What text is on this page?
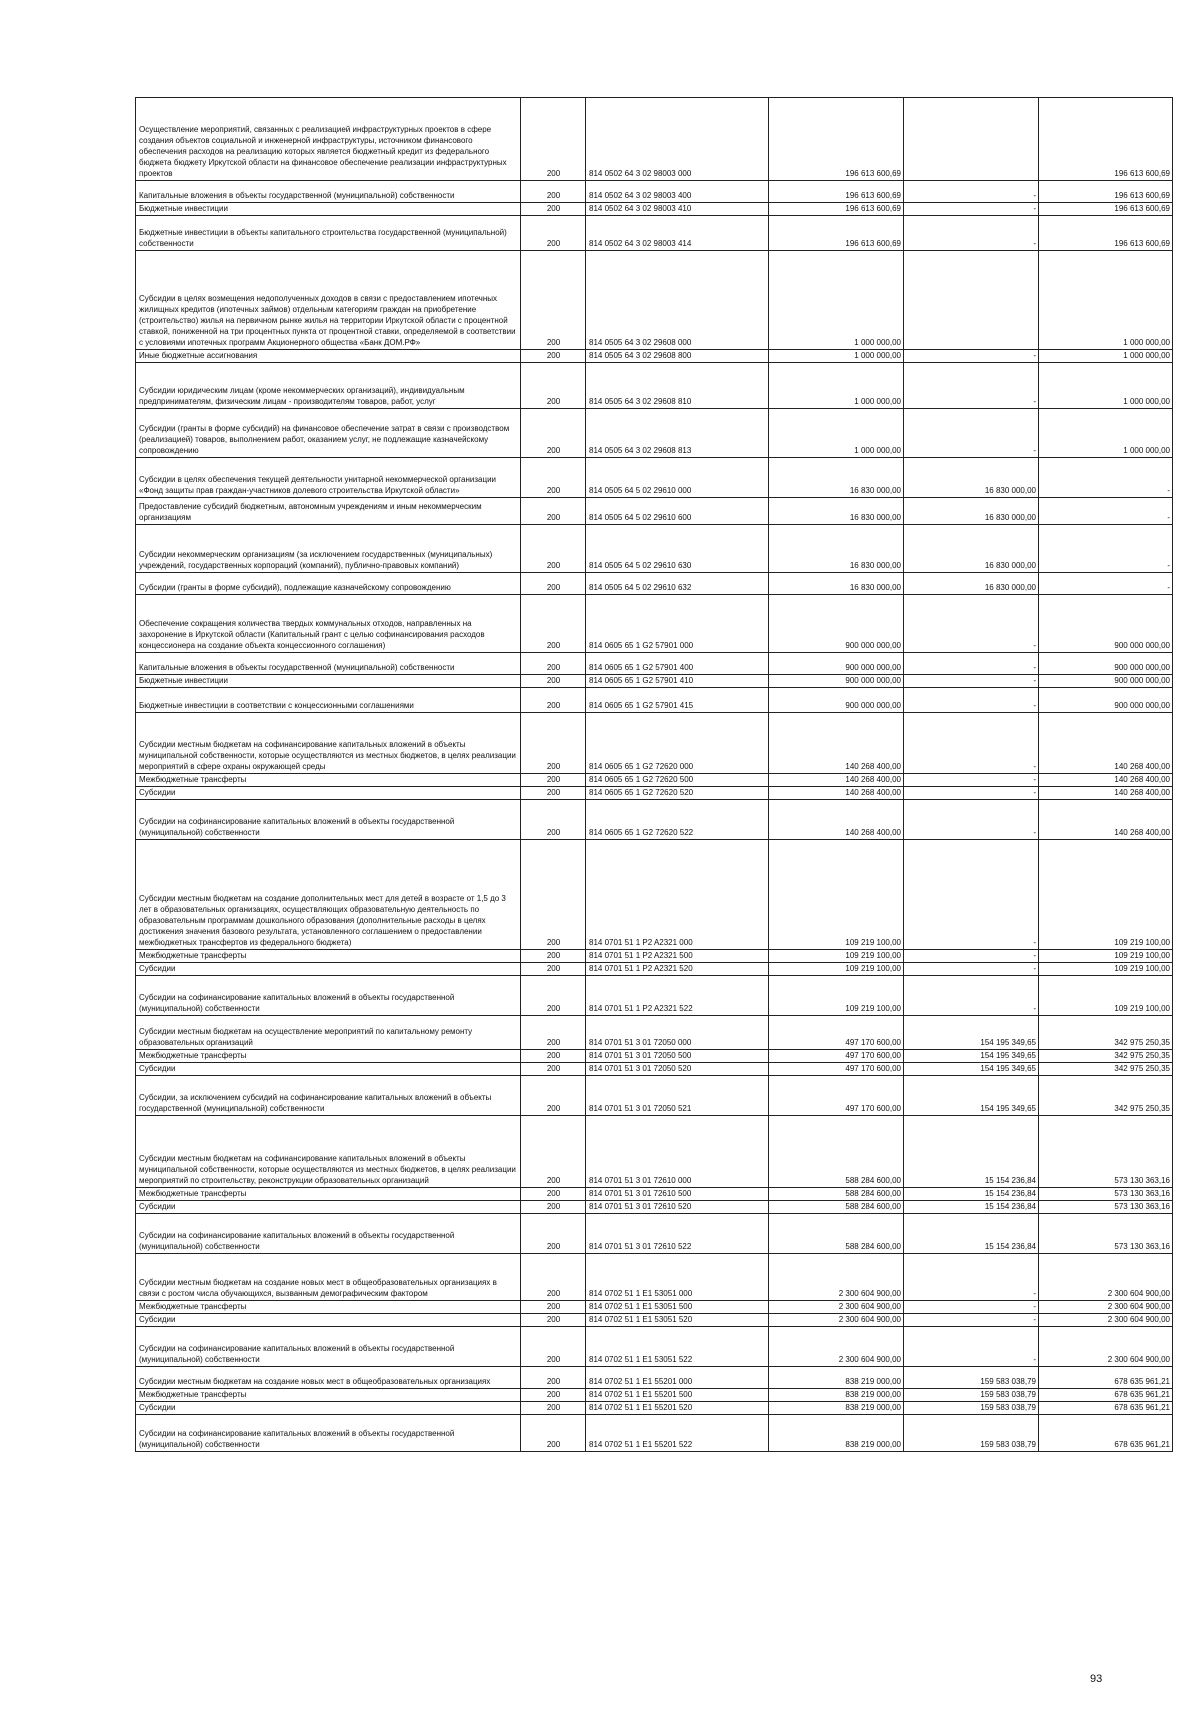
Осуществление мероприятий, связанных с реализацией инфраструктурных проектов в сфере создания объектов социальной и инженерной инфраструктуры, источником финансового обеспечения расходов на реализацию которых является бюджетный кредит из федерального бюджета бюджету Иркутской области на финансовое обеспечение реализации инфраструктурных проектов	200	814 0502 64 3 02 98003 000	196 613 600,69		196 613 600,69

Капитальные вложения в объекты государственной (муниципальной) собственности	200	814 0502 64 3 02 98003 400	196 613 600,69	-	196 613 600,69

Бюджетные инвестиции	200	814 0502 64 3 02 98003 410	196 613 600,69	-	196 613 600,69

Бюджетные инвестиции в объекты капитального строительства государственной (муниципальной) собственности	200	814 0502 64 3 02 98003 414	196 613 600,69	-	196 613 600,69

Субсидии в целях возмещения недополученных доходов в связи с предоставлением ипотечных жилищных кредитов (ипотечных займов) отдельным категориям граждан на приобретение (строительство) жилья на первичном рынке жилья на территории Иркутской области с процентной ставкой, пониженной на три процентных пункта от процентной ставки, определяемой в соответствии с условиями ипотечных программ Акционерного общества «Банк ДОМ.РФ»	200	814 0505 64 3 02 29608 000	1 000 000,00		1 000 000,00

Иные бюджетные ассигнования	200	814 0505 64 3 02 29608 800	1 000 000,00	-	1 000 000,00

Субсидии юридическим лицам (кроме некоммерческих организаций), индивидуальным предпринимателям, физическим лицам - производителям товаров, работ, услуг	200	814 0505 64 3 02 29608 810	1 000 000,00	-	1 000 000,00

Субсидии (гранты в форме субсидий) на финансовое обеспечение затрат в связи с производством (реализацией) товаров, выполнением работ, оказанием услуг, не подлежащие казначейскому сопровождению	200	814 0505 64 3 02 29608 813	1 000 000,00	-	1 000 000,00

Субсидии в целях обеспечения текущей деятельности унитарной некоммерческой организации «Фонд защиты прав граждан-участников долевого строительства Иркутской области»	200	814 0505 64 5 02 29610 000	16 830 000,00	16 830 000,00	-

Предоставление субсидий бюджетным, автономным учреждениям и иным некоммерческим организациям	200	814 0505 64 5 02 29610 600	16 830 000,00	16 830 000,00	-

Субсидии некоммерческим организациям (за исключением государственных (муниципальных) учреждений, государственных корпораций (компаний), публично-правовых компаний)	200	814 0505 64 5 02 29610 630	16 830 000,00	16 830 000,00	-

Субсидии (гранты в форме субсидий), подлежащие казначейскому сопровождению	200	814 0505 64 5 02 29610 632	16 830 000,00	16 830 000,00	-

Обеспечение сокращения количества твердых коммунальных отходов, направленных на захоронение в Иркутской области (Капитальный грант с целью софинансирования расходов концессионера на создание объекта концессионного соглашения)	200	814 0605 65 1 G2 57901 000	900 000 000,00	-	900 000 000,00

Капитальные вложения в объекты государственной (муниципальной) собственности	200	814 0605 65 1 G2 57901 400	900 000 000,00	-	900 000 000,00

Бюджетные инвестиции	200	814 0605 65 1 G2 57901 410	900 000 000,00	-	900 000 000,00

Бюджетные инвестиции в соответствии с концессионными соглашениями	200	814 0605 65 1 G2 57901 415	900 000 000,00	-	900 000 000,00

Субсидии местным бюджетам на софинансирование капитальных вложений в объекты муниципальной собственности, которые осуществляются из местных бюджетов, в целях реализации мероприятий в сфере охраны окружающей среды	200	814 0605 65 1 G2 72620 000	140 268 400,00	-	140 268 400,00

Межбюджетные трансферты	200	814 0605 65 1 G2 72620 500	140 268 400,00	-	140 268 400,00

Субсидии	200	814 0605 65 1 G2 72620 520	140 268 400,00	-	140 268 400,00

Субсидии на софинансирование капитальных вложений в объекты государственной (муниципальной) собственности	200	814 0605 65 1 G2 72620 522	140 268 400,00	-	140 268 400,00

Субсидии местным бюджетам на создание дополнительных мест для детей в возрасте от 1,5 до 3 лет в образовательных организациях, осуществляющих образовательную деятельность по образовательным программам дошкольного образования (дополнительные расходы в целях достижения значения базового результата, установленного соглашением о предоставлении межбюджетных трансфертов из федерального бюджета)	200	814 0701 51 1 P2 A2321 000	109 219 100,00	-	109 219 100,00

Межбюджетные трансферты	200	814 0701 51 1 P2 A2321 500	109 219 100,00	-	109 219 100,00

Субсидии	200	814 0701 51 1 P2 A2321 520	109 219 100,00	-	109 219 100,00

Субсидии на софинансирование капитальных вложений в объекты государственной (муниципальной) собственности	200	814 0701 51 1 P2 A2321 522	109 219 100,00	-	109 219 100,00

Субсидии местным бюджетам на осуществление мероприятий по капитальному ремонту образовательных организаций	200	814 0701 51 3 01 72050 000	497 170 600,00	154 195 349,65	342 975 250,35

Межбюджетные трансферты	200	814 0701 51 3 01 72050 500	497 170 600,00	154 195 349,65	342 975 250,35

Субсидии	200	814 0701 51 3 01 72050 520	497 170 600,00	154 195 349,65	342 975 250,35

Субсидии, за исключением субсидий на софинансирование капитальных вложений в объекты государственной (муниципальной) собственности	200	814 0701 51 3 01 72050 521	497 170 600,00	154 195 349,65	342 975 250,35

Субсидии местным бюджетам на софинансирование капитальных вложений в объекты муниципальной собственности, которые осуществляются из местных бюджетов, в целях реализации мероприятий по строительству, реконструкции образовательных организаций	200	814 0701 51 3 01 72610 000	588 284 600,00	15 154 236,84	573 130 363,16

Межбюджетные трансферты	200	814 0701 51 3 01 72610 500	588 284 600,00	15 154 236,84	573 130 363,16

Субсидии	200	814 0701 51 3 01 72610 520	588 284 600,00	15 154 236,84	573 130 363,16

Субсидии на софинансирование капитальных вложений в объекты государственной (муниципальной) собственности	200	814 0701 51 3 01 72610 522	588 284 600,00	15 154 236,84	573 130 363,16

Субсидии местным бюджетам на создание новых мест в общеобразовательных организациях в связи с ростом числа обучающихся, вызванным демографическим фактором	200	814 0702 51 1 E1 53051 000	2 300 604 900,00	-	2 300 604 900,00

Межбюджетные трансферты	200	814 0702 51 1 E1 53051 500	2 300 604 900,00	-	2 300 604 900,00

Субсидии	200	814 0702 51 1 E1 53051 520	2 300 604 900,00	-	2 300 604 900,00

Субсидии на софинансирование капитальных вложений в объекты государственной (муниципальной) собственности	200	814 0702 51 1 E1 53051 522	2 300 604 900,00	-	2 300 604 900,00

Субсидии местным бюджетам на создание новых мест в общеобразовательных организациях	200	814 0702 51 1 E1 55201 000	838 219 000,00	159 583 038,79	678 635 961,21

Межбюджетные трансферты	200	814 0702 51 1 E1 55201 500	838 219 000,00	159 583 038,79	678 635 961,21

Субсидии	200	814 0702 51 1 E1 55201 520	838 219 000,00	159 583 038,79	678 635 961,21

Субсидии на софинансирование капитальных вложений в объекты государственной (муниципальной) собственности	200	814 0702 51 1 E1 55201 522	838 219 000,00	159 583 038,79	678 635 961,21
93
